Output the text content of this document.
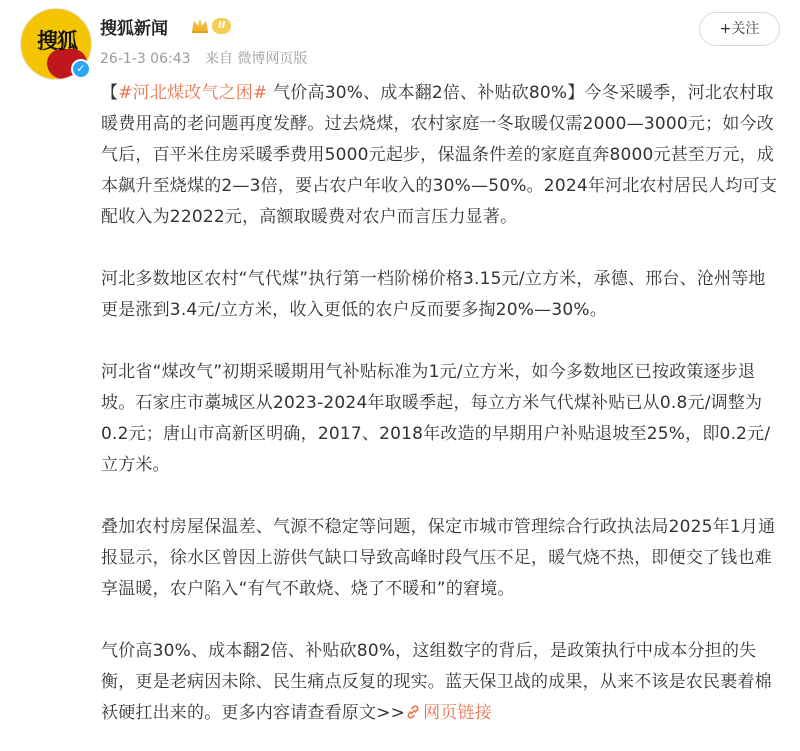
搜狐
✓
搜狐新闻	II
26-1-3 06:43 来自 微博网页版
+关注

【#河北煤改气之困# 气价高30%、成本翻2倍、补贴砍80%】今冬采暖季，河北农村取暖费用高的老问题再度发酵。过去烧煤，农村家庭一冬取暖仅需2000—3000元；如今改气后，百平米住房采暖季费用5000元起步，保温条件差的家庭直奔8000元甚至万元，成本飙升至烧煤的2—3倍，要占农户年收入的30%—50%。2024年河北农村居民人均可支配收入为22022元，高额取暖费对农户而言压力显著。

河北多数地区农村“气代煤”执行第一档阶梯价格3.15元/立方米，承德、邢台、沧州等地更是涨到3.4元/立方米，收入更低的农户反而要多掏20%—30%。

河北省“煤改气”初期采暖期用气补贴标准为1元/立方米，如今多数地区已按政策逐步退坡。石家庄市藁城区从2023-2024年取暖季起，每立方米气代煤补贴已从0.8元/调整为0.2元；唐山市高新区明确，2017、2018年改造的早期用户补贴退坡至25%，即0.2元/立方米。

叠加农村房屋保温差、气源不稳定等问题，保定市城市管理综合行政执法局2025年1月通报显示，徐水区曾因上游供气缺口导致高峰时段气压不足，暖气烧不热，即便交了钱也难享温暖，农户陷入“有气不敢烧、烧了不暖和”的窘境。

气价高30%、成本翻2倍、补贴砍80%，这组数字的背后，是政策执行中成本分担的失衡，更是老病因未除、民生痛点反复的现实。蓝天保卫战的成果，从来不该是农民裹着棉袄硬扛出来的。更多内容请查看原文>> 网页链接
